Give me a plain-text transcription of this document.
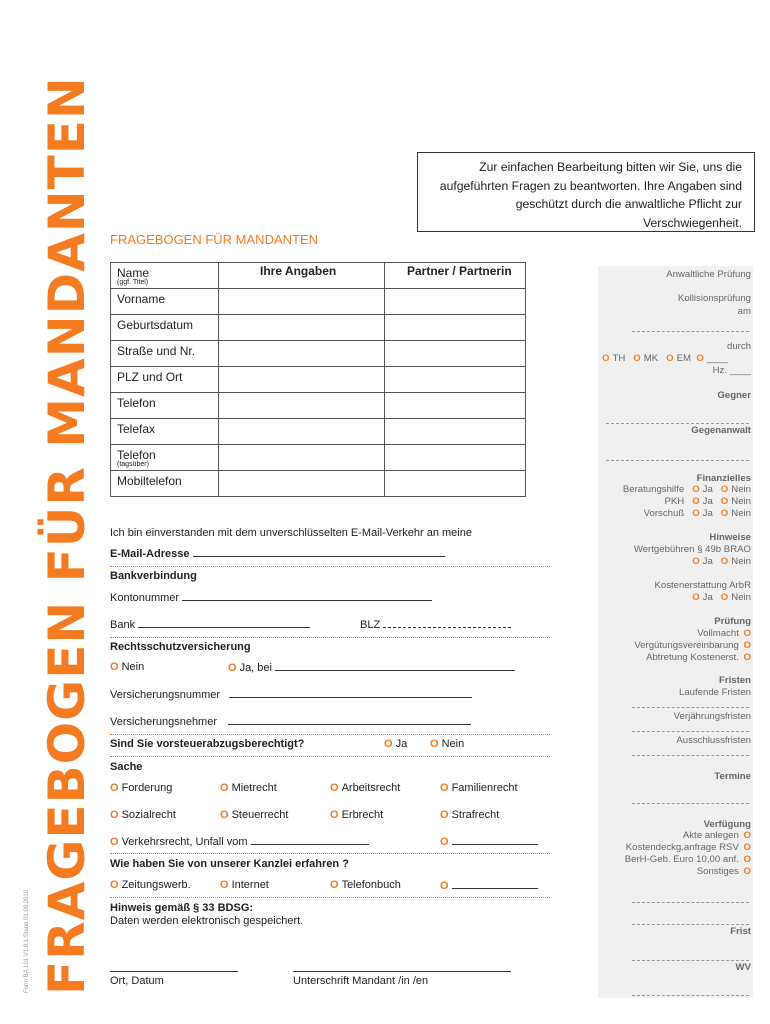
FRAGEBOGEN FÜR MANDANTEN
Form BA 101 V1.8.1 Stand 01.09.2010
Zur einfachen Bearbeitung bitten wir Sie, uns die aufgeführten Fragen zu beantworten. Ihre Angaben sind geschützt durch die anwaltliche Pflicht zur Verschwiegenheit.
FRAGEBOGEN FÜR MANDANTEN
Ihre Angaben	Partner / Partnerin
Name
(ggf. Titel)		

Vorname		
Geburtsdatum		
Straße und Nr.		
PLZ und Ort		
Telefon		
Telefax		
Telefon
(tagsüber)		

Mobiltelefon		
Ich bin einverstanden mit dem unverschlüsselten E-Mail-Verkehr an meine
E-Mail-Adresse
Bankverbindung
Kontonummer
Bank	BLZ
Rechtsschutzversicherung
O Nein	O Ja, bei
Versicherungsnummer
Versicherungsnehmer
Sind Sie vorsteuerabzugsberechtigt?	O Ja O Nein
Sache
O Forderung	O Mietrecht	O Arbeitsrecht	O Familienrecht
O Sozialrecht	O Steuerrecht	O Erbrecht	O Strafrecht
O Verkehrsrecht, Unfall vom	O
Wie haben Sie von unserer Kanzlei erfahren ?
O Zeitungswerb.	O Internet	O Telefonbuch	O
Hinweis gemäß § 33 BDSG:
Daten werden elektronisch gespeichert.
Ort, Datum	Unterschrift Mandant /in /en
Anwaltliche Prüfung
Kollisionsprüfung
am
durch
O TH O MK O EM O ____
Hz. ____
Gegner
Gegenanwalt
Finanzielles
Beratungshilfe O Ja O Nein
PKH O Ja O Nein
Vorschuß O Ja O Nein
Hinweise
Wertgebühren § 49b BRAO
O Ja O Nein
Kostenerstattung ArbR
O Ja O Nein
Prüfung
Vollmacht O
Vergütungsvereinbarung O
Abtretung Kostenerst. O
Fristen
Laufende Fristen
Verjährungsfristen
Ausschlussfristen
Termine
Verfügung
Akte anlegen O
Kostendeckg.anfrage RSV O
BerH-Geb. Euro 10,00 anf. O
Sonstiges O
Frist
WV
